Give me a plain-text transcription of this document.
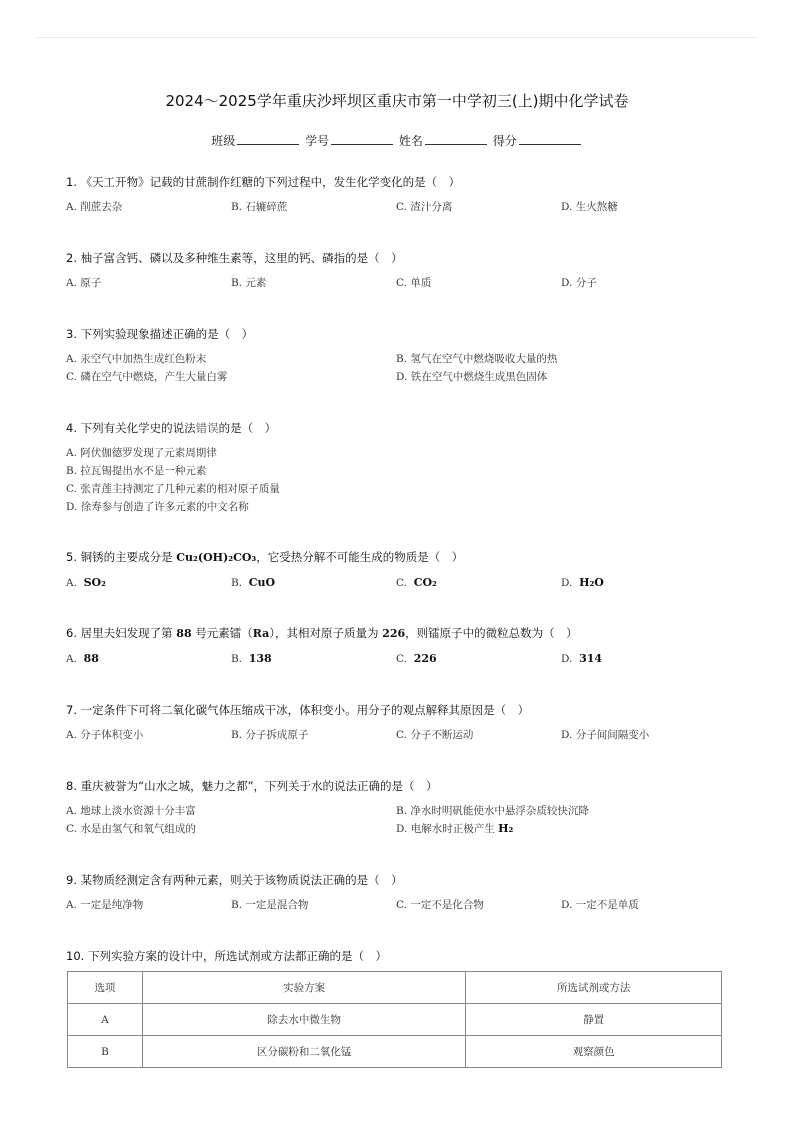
2024～2025学年重庆沙坪坝区重庆市第一中学初三(上)期中化学试卷
班级	学号	姓名	得分
1. 《天工开物》记载的甘蔗制作红糖的下列过程中，发生化学变化的是（　）
A. 削蔗去杂	B. 石辘碎蔗	C. 渣汁分离	D. 生火熬糖
2. 柚子富含钙、磷以及多种维生素等，这里的钙、磷指的是（　）
A. 原子	B. 元素	C. 单质	D. 分子
3. 下列实验现象描述正确的是（　）
A. 汞空气中加热生成红色粉末	B. 氢气在空气中燃烧吸收大量的热
C. 磷在空气中燃烧，产生大量白雾	D. 铁在空气中燃烧生成黑色固体
4. 下列有关化学史的说法错误的是（　）
A. 阿伏伽德罗发现了元素周期律
B. 拉瓦锡提出水不是一种元素
C. 张青莲主持测定了几种元素的相对原子质量
D. 徐寿参与创造了许多元素的中文名称
5. 铜锈的主要成分是 Cu₂(OH)₂CO₃，它受热分解不可能生成的物质是（　）
A. SO₂	B. CuO	C. CO₂	D. H₂O
6. 居里夫妇发现了第 88 号元素镭（Ra），其相对原子质量为 226，则镭原子中的微粒总数为（　）
A. 88	B. 138	C. 226	D. 314
7. 一定条件下可将二氧化碳气体压缩成干冰，体积变小。用分子的观点解释其原因是（　）
A. 分子体积变小	B. 分子拆成原子	C. 分子不断运动	D. 分子间间隔变小
8. 重庆被誉为“山水之城，魅力之都”，下列关于水的说法正确的是（　）
A. 地球上淡水资源十分丰富	B. 净水时明矾能使水中悬浮杂质较快沉降
C. 水是由氢气和氧气组成的	D. 电解水时正极产生 H₂
9. 某物质经测定含有两种元素，则关于该物质说法正确的是（　）
A. 一定是纯净物	B. 一定是混合物	C. 一定不是化合物	D. 一定不是单质
10. 下列实验方案的设计中，所选试剂或方法都正确的是（　）
选项	实验方案	所选试剂或方法
A	除去水中微生物	静置
B	区分碳粉和二氧化锰	观察颜色
